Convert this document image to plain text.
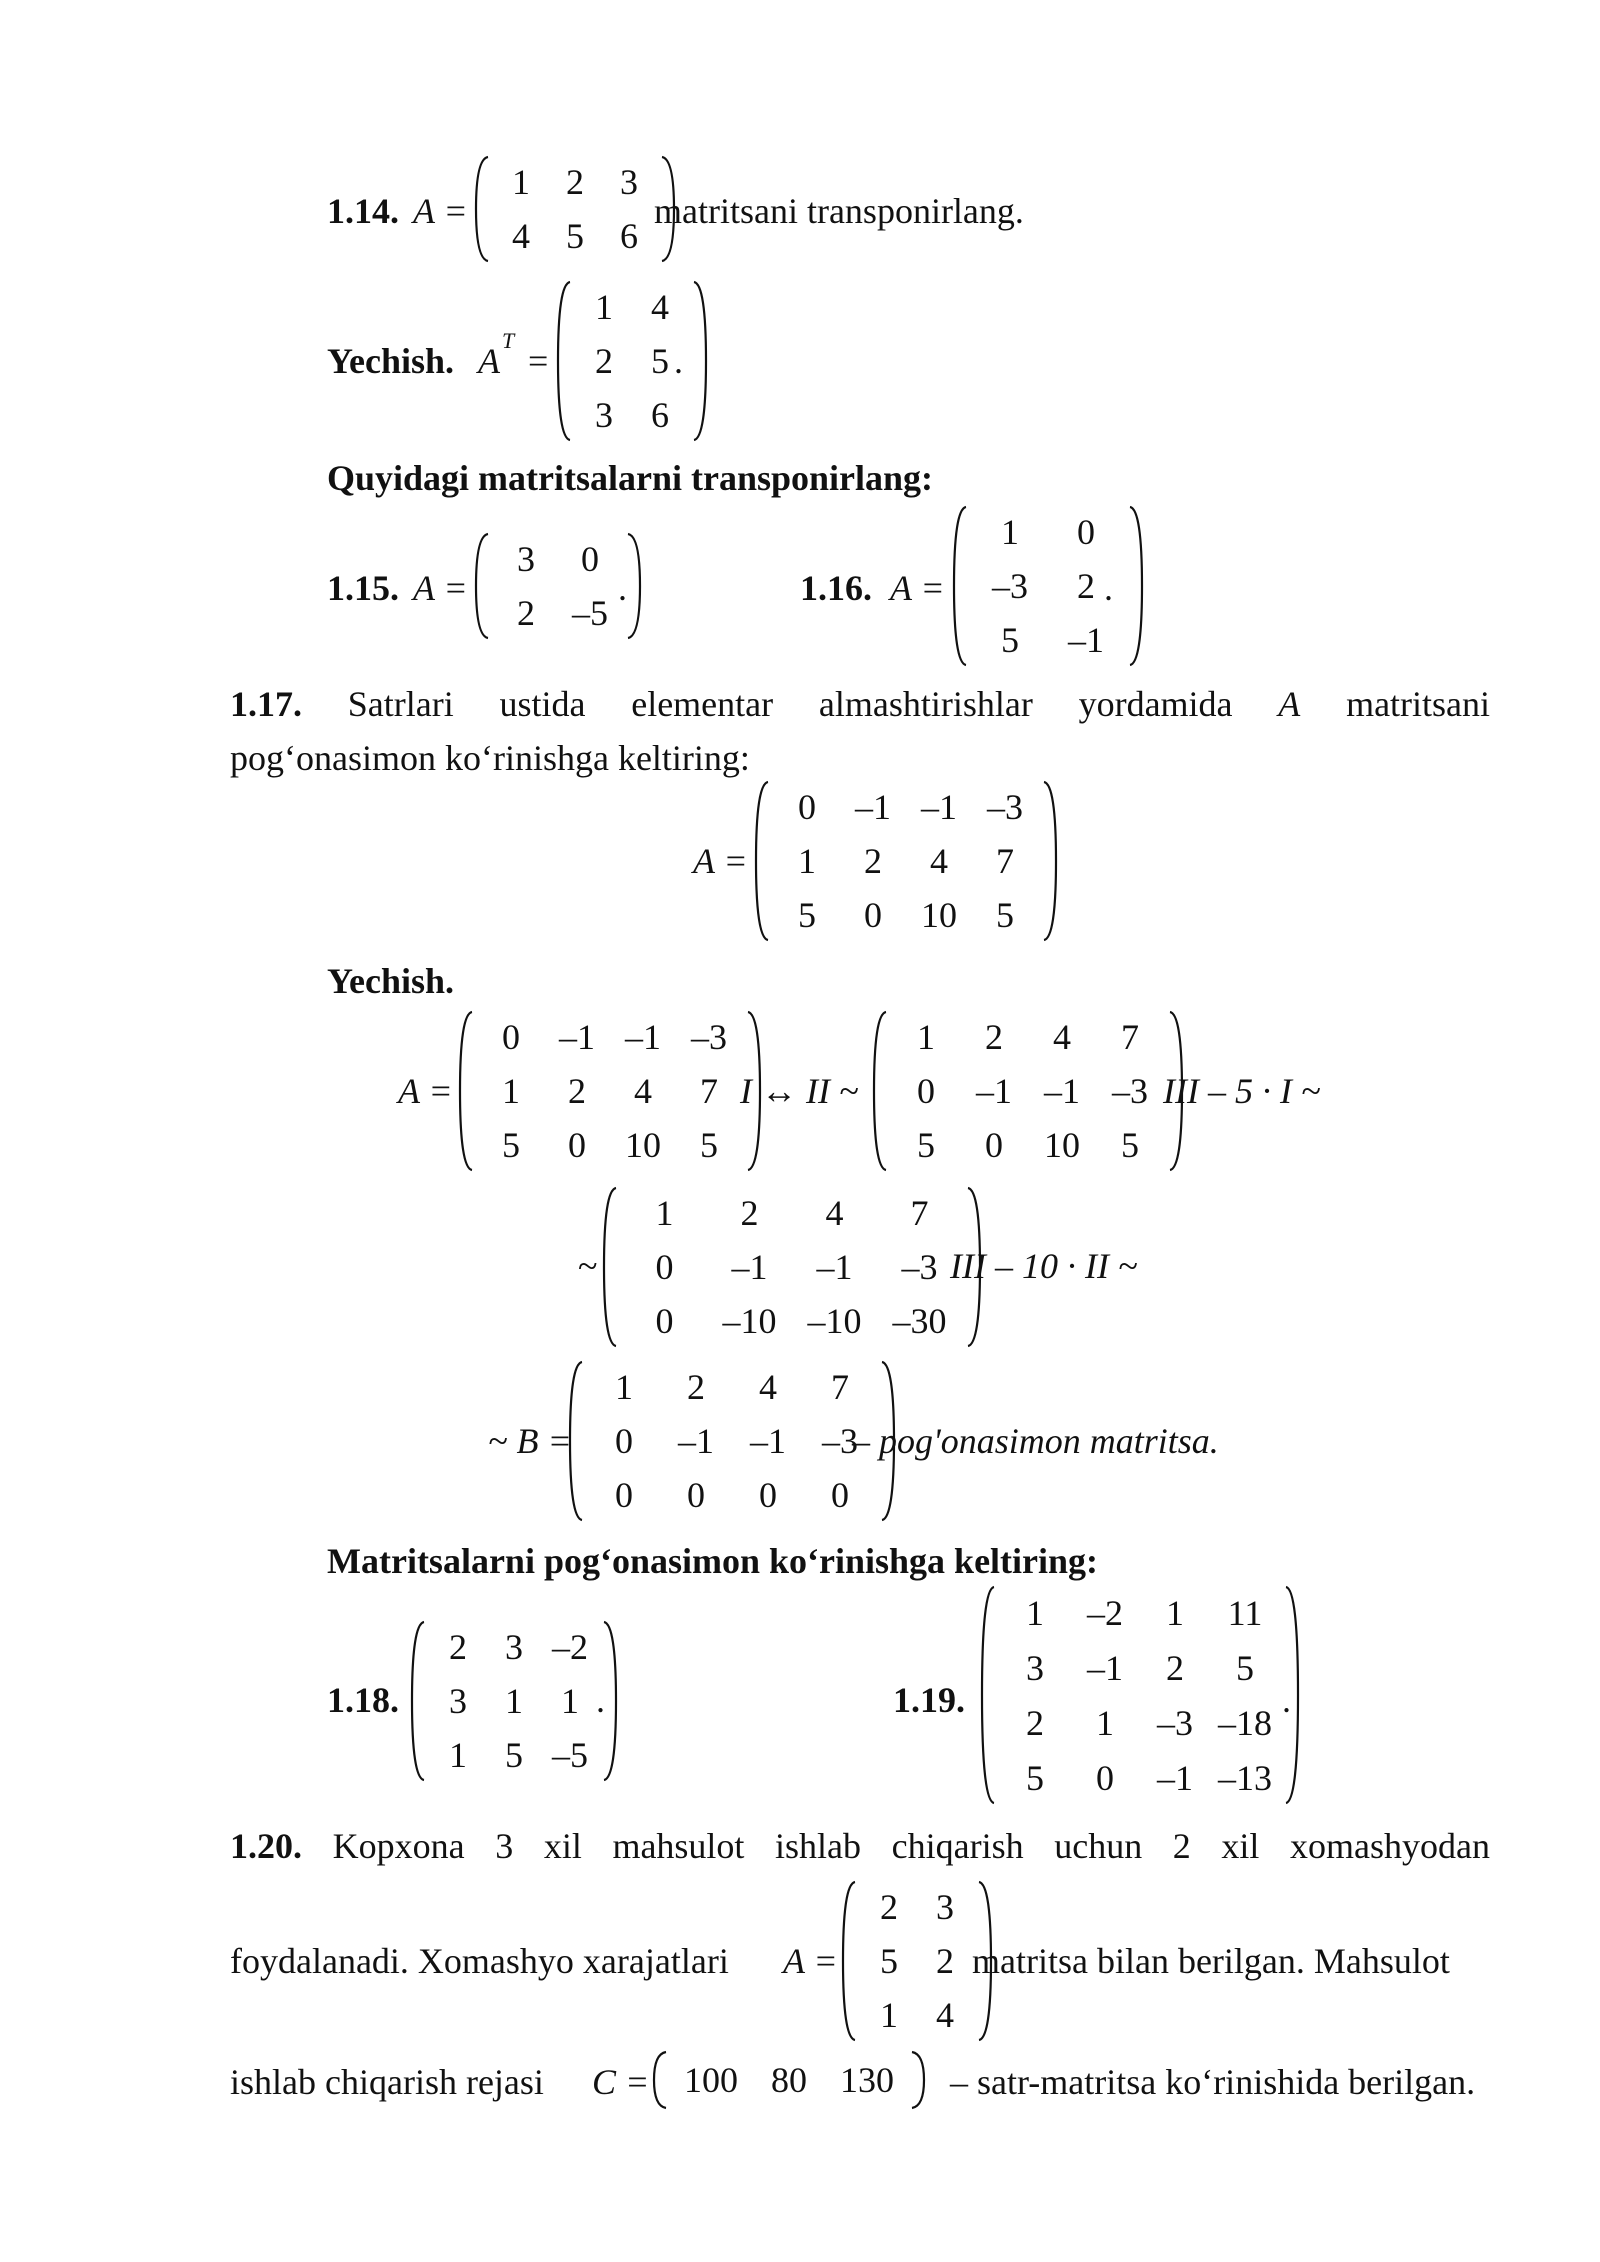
1.14. A =
1 2 3
4 5 6
matritsani transponirlang.
Yechish. A
T
=
1 4
2 5
3 6
.
Quyidagi matritsalarni transponirlang:
1.15. A =
3 0
2 –5
.	1.16. A =
1 0
–3 2
5 –1
.
1.17. Satrlari ustida elementar almashtirishlar yordamida A matritsani
pog‘onasimon ko‘rinishga keltiring:
A =
0 –1 –1 –3
1 2 4 7
5 0 10 5
Yechish.
A =
0 –1 –1 –3
1 2 4 7
5 0 10 5
I ↔ II ~
1 2 4 7
0 –1 –1 –3
5 0 10 5
III – 5 · I ~
~
1 2 4 7
0 –1 –1 –3
0 –10 –10 –30
III – 10 · II ~
~ B =
1 2 4 7
0 –1 –1 –3
0 0 0 0
– pog'onasimon matritsa.
Matritsalarni pog‘onasimon ko‘rinishga keltiring:
1.18.
2 3 –2
3 1 1
1 5 –5
.	1.19.
1 –2 1 11
3 –1 2 5
2 1 –3 –18
5 0 –1 –13
.
1.20. Kopxona 3 xil mahsulot ishlab chiqarish uchun 2 xil xomashyodan
foydalanadi. Xomashyo xarajatlari A =
2 3
5 2
1 4
matritsa bilan berilgan. Mahsulot
ishlab chiqarish rejasi C = 100 80 130 – satr-matritsa ko‘rinishida berilgan.
